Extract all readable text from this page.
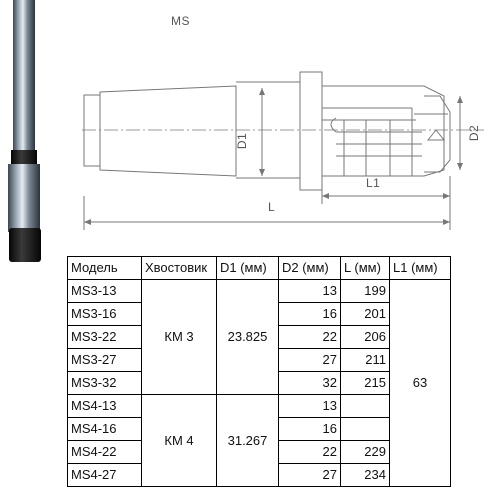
MS
D1	D2
L
L1
Модель	Хвостовик	D1 (мм)	D2 (мм)	L (мм)	L1 (мм)
MS3-13	КМ 3	23.825	13	199	63
MS3-16			16	201	
MS3-22			22	206	
MS3-27			27	211	
MS3-32			32	215	
MS4-13	КМ 4	31.267	13		
MS4-16			16		
MS4-22			22	229	
MS4-27			27	234	
